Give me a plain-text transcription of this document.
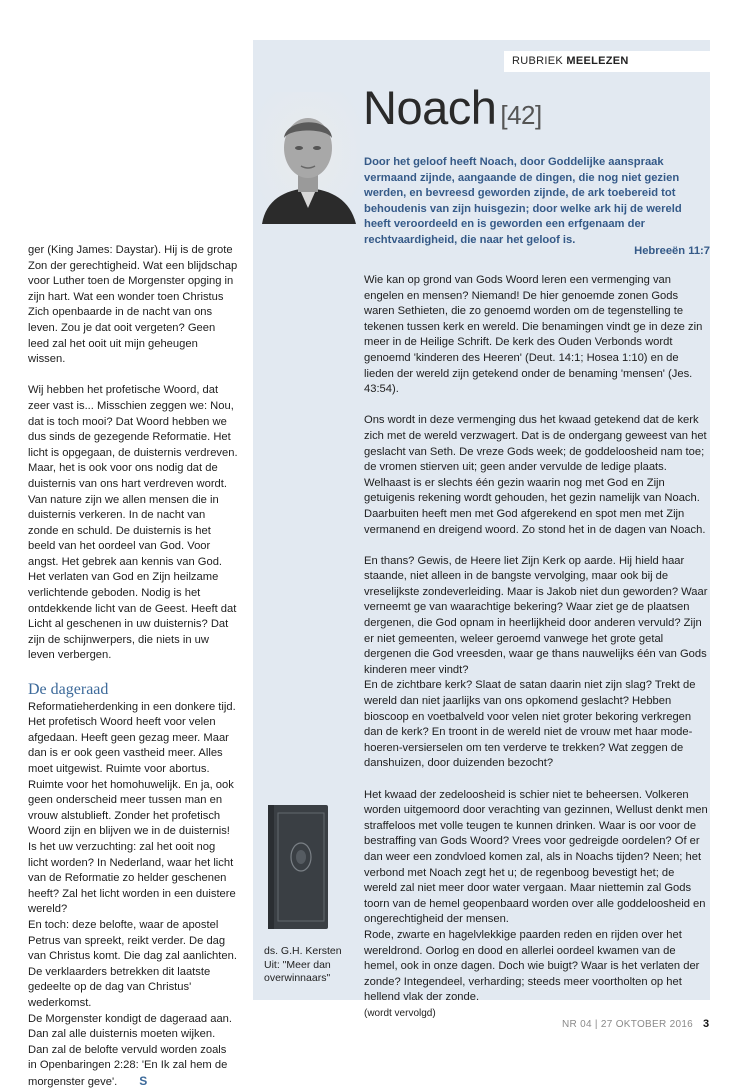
RUBRIEK MEELEZEN
Noach [42]

Door het geloof heeft Noach, door Goddelijke aanspraak vermaand zijnde, aangaande de dingen, die nog niet gezien werden, en bevreesd geworden zijnde, de ark toebereid tot behoudenis van zijn huisgezin; door welke ark hij de wereld heeft veroordeeld en is geworden een erfgenaam der rechtvaardigheid, die naar het geloof is.

Hebreeën 11:7

ger (King James: Daystar). Hij is de grote Zon der gerechtigheid. Wat een blijdschap voor Luther toen de Morgenster opging in zijn hart. Wat een wonder toen Christus Zich openbaarde in de nacht van ons leven. Zou je dat ooit vergeten? Geen leed zal het ooit uit mijn geheugen wissen.

Wij hebben het profetische Woord, dat zeer vast is... Misschien zeggen we: Nou, dat is toch mooi? Dat Woord hebben we dus sinds de gezegende Reformatie. Het licht is opgegaan, de duisternis verdreven. Maar, het is ook voor ons nodig dat de duisternis van ons hart verdreven wordt. Van nature zijn we allen mensen die in duisternis verkeren. In de nacht van zonde en schuld. De duisternis is het beeld van het oordeel van God. Voor angst. Het gebrek aan kennis van God. Het verlaten van God en Zijn heilzame verlichtende geboden. Nodig is het ontdekkende licht van de Geest. Heeft dat Licht al geschenen in uw duisternis? Dat zijn de schijnwerpers, die niets in uw leven verbergen.

De dageraad

Reformatieherdenking in een donkere tijd. Het profetisch Woord heeft voor velen afgedaan. Heeft geen gezag meer. Maar dan is er ook geen vastheid meer. Alles moet uitgewist. Ruimte voor abortus. Ruimte voor het homohuwelijk. En ja, ook geen onderscheid meer tussen man en vrouw alstublieft. Zonder het profetisch Woord zijn en blijven we in de duisternis!

Is het uw verzuchting: zal het ooit nog licht worden? In Nederland, waar het licht van de Reformatie zo helder geschenen heeft? Zal het licht worden in een duistere wereld?

En toch: deze belofte, waar de apostel Petrus van spreekt, reikt verder. De dag van Christus komt. Die dag zal aanlichten. De verklaarders betrekken dit laatste gedeelte op de dag van Christus' wederkomst.

De Morgenster kondigt de dageraad aan. Dan zal alle duisternis moeten wijken. Dan zal de belofte vervuld worden zoals in Openbaringen 2:28: 'En Ik zal hem de morgenster geve'. S

Wie kan op grond van Gods Woord leren een vermenging van engelen en mensen? Niemand! De hier genoemde zonen Gods waren Sethieten, die zo genoemd worden om de tegenstelling te tekenen tussen kerk en wereld. Die benamingen vindt ge in deze zin meer in de Heilige Schrift. De kerk des Ouden Verbonds wordt genoemd 'kinderen des Heeren' (Deut. 14:1; Hosea 1:10) en de lieden der wereld zijn getekend onder de benaming 'mensen' (Jes. 43:54).

Ons wordt in deze vermenging dus het kwaad getekend dat de kerk zich met de wereld verzwagert. Dat is de ondergang geweest van het geslacht van Seth. De vreze Gods week; de goddeloosheid nam toe; de vromen stierven uit; geen ander vervulde de ledige plaats. Welhaast is er slechts één gezin waarin nog met God en Zijn getuigenis rekening wordt gehouden, het gezin namelijk van Noach. Daarbuiten heeft men met God afgerekend en spot men met Zijn vermanend en dreigend woord. Zo stond het in de dagen van Noach.

En thans? Gewis, de Heere liet Zijn Kerk op aarde. Hij hield haar staande, niet alleen in de bangste vervolging, maar ook bij de vreselijkste zondeverleiding. Maar is Jakob niet dun geworden? Waar verneemt ge van waarachtige bekering? Waar ziet ge de plaatsen dergenen, die God opnam in heerlijkheid door anderen vervuld? Zijn er niet gemeenten, weleer geroemd vanwege het grote getal dergenen die God vreesden, waar ge thans nauwelijks één van Gods kinderen meer vindt?

En de zichtbare kerk? Slaat de satan daarin niet zijn slag? Trekt de wereld dan niet jaarlijks van ons opkomend geslacht? Hebben bioscoop en voetbalveld voor velen niet groter bekoring verkregen dan de kerk? En troont in de wereld niet de vrouw met haar mode-hoeren-versierselen om ten verderve te trekken? Wat zeggen de danshuizen, door duizenden bezocht?

Het kwaad der zedeloosheid is schier niet te beheersen. Volkeren worden uitgemoord door verachting van gezinnen, Wellust denkt men straffeloos met volle teugen te kunnen drinken. Waar is oor voor de bestraffing van Gods Woord? Vrees voor gedreigde oordelen? Of er dan weer een zondvloed komen zal, als in Noachs tijden? Neen; het verbond met Noach zegt het u; de regenboog bevestigt het; de wereld zal niet meer door water vergaan. Maar niettemin zal Gods toorn van de hemel geopenbaard worden over alle goddeloosheid en ongerechtigheid der mensen.

Rode, zwarte en hagelvlekkige paarden reden en rijden over het wereldrond. Oorlog en dood en allerlei oordeel kwamen van de hemel, ook in onze dagen. Doch wie buigt? Waar is het verlaten der zonde? Integendeel, verharding; steeds meer voortholten op het hellend vlak der zonde.

(wordt vervolgd)
ds. G.H. Kersten
Uit: "Meer dan
overwinnaars"
NR 04 | 27 OKTOBER 2016 3
